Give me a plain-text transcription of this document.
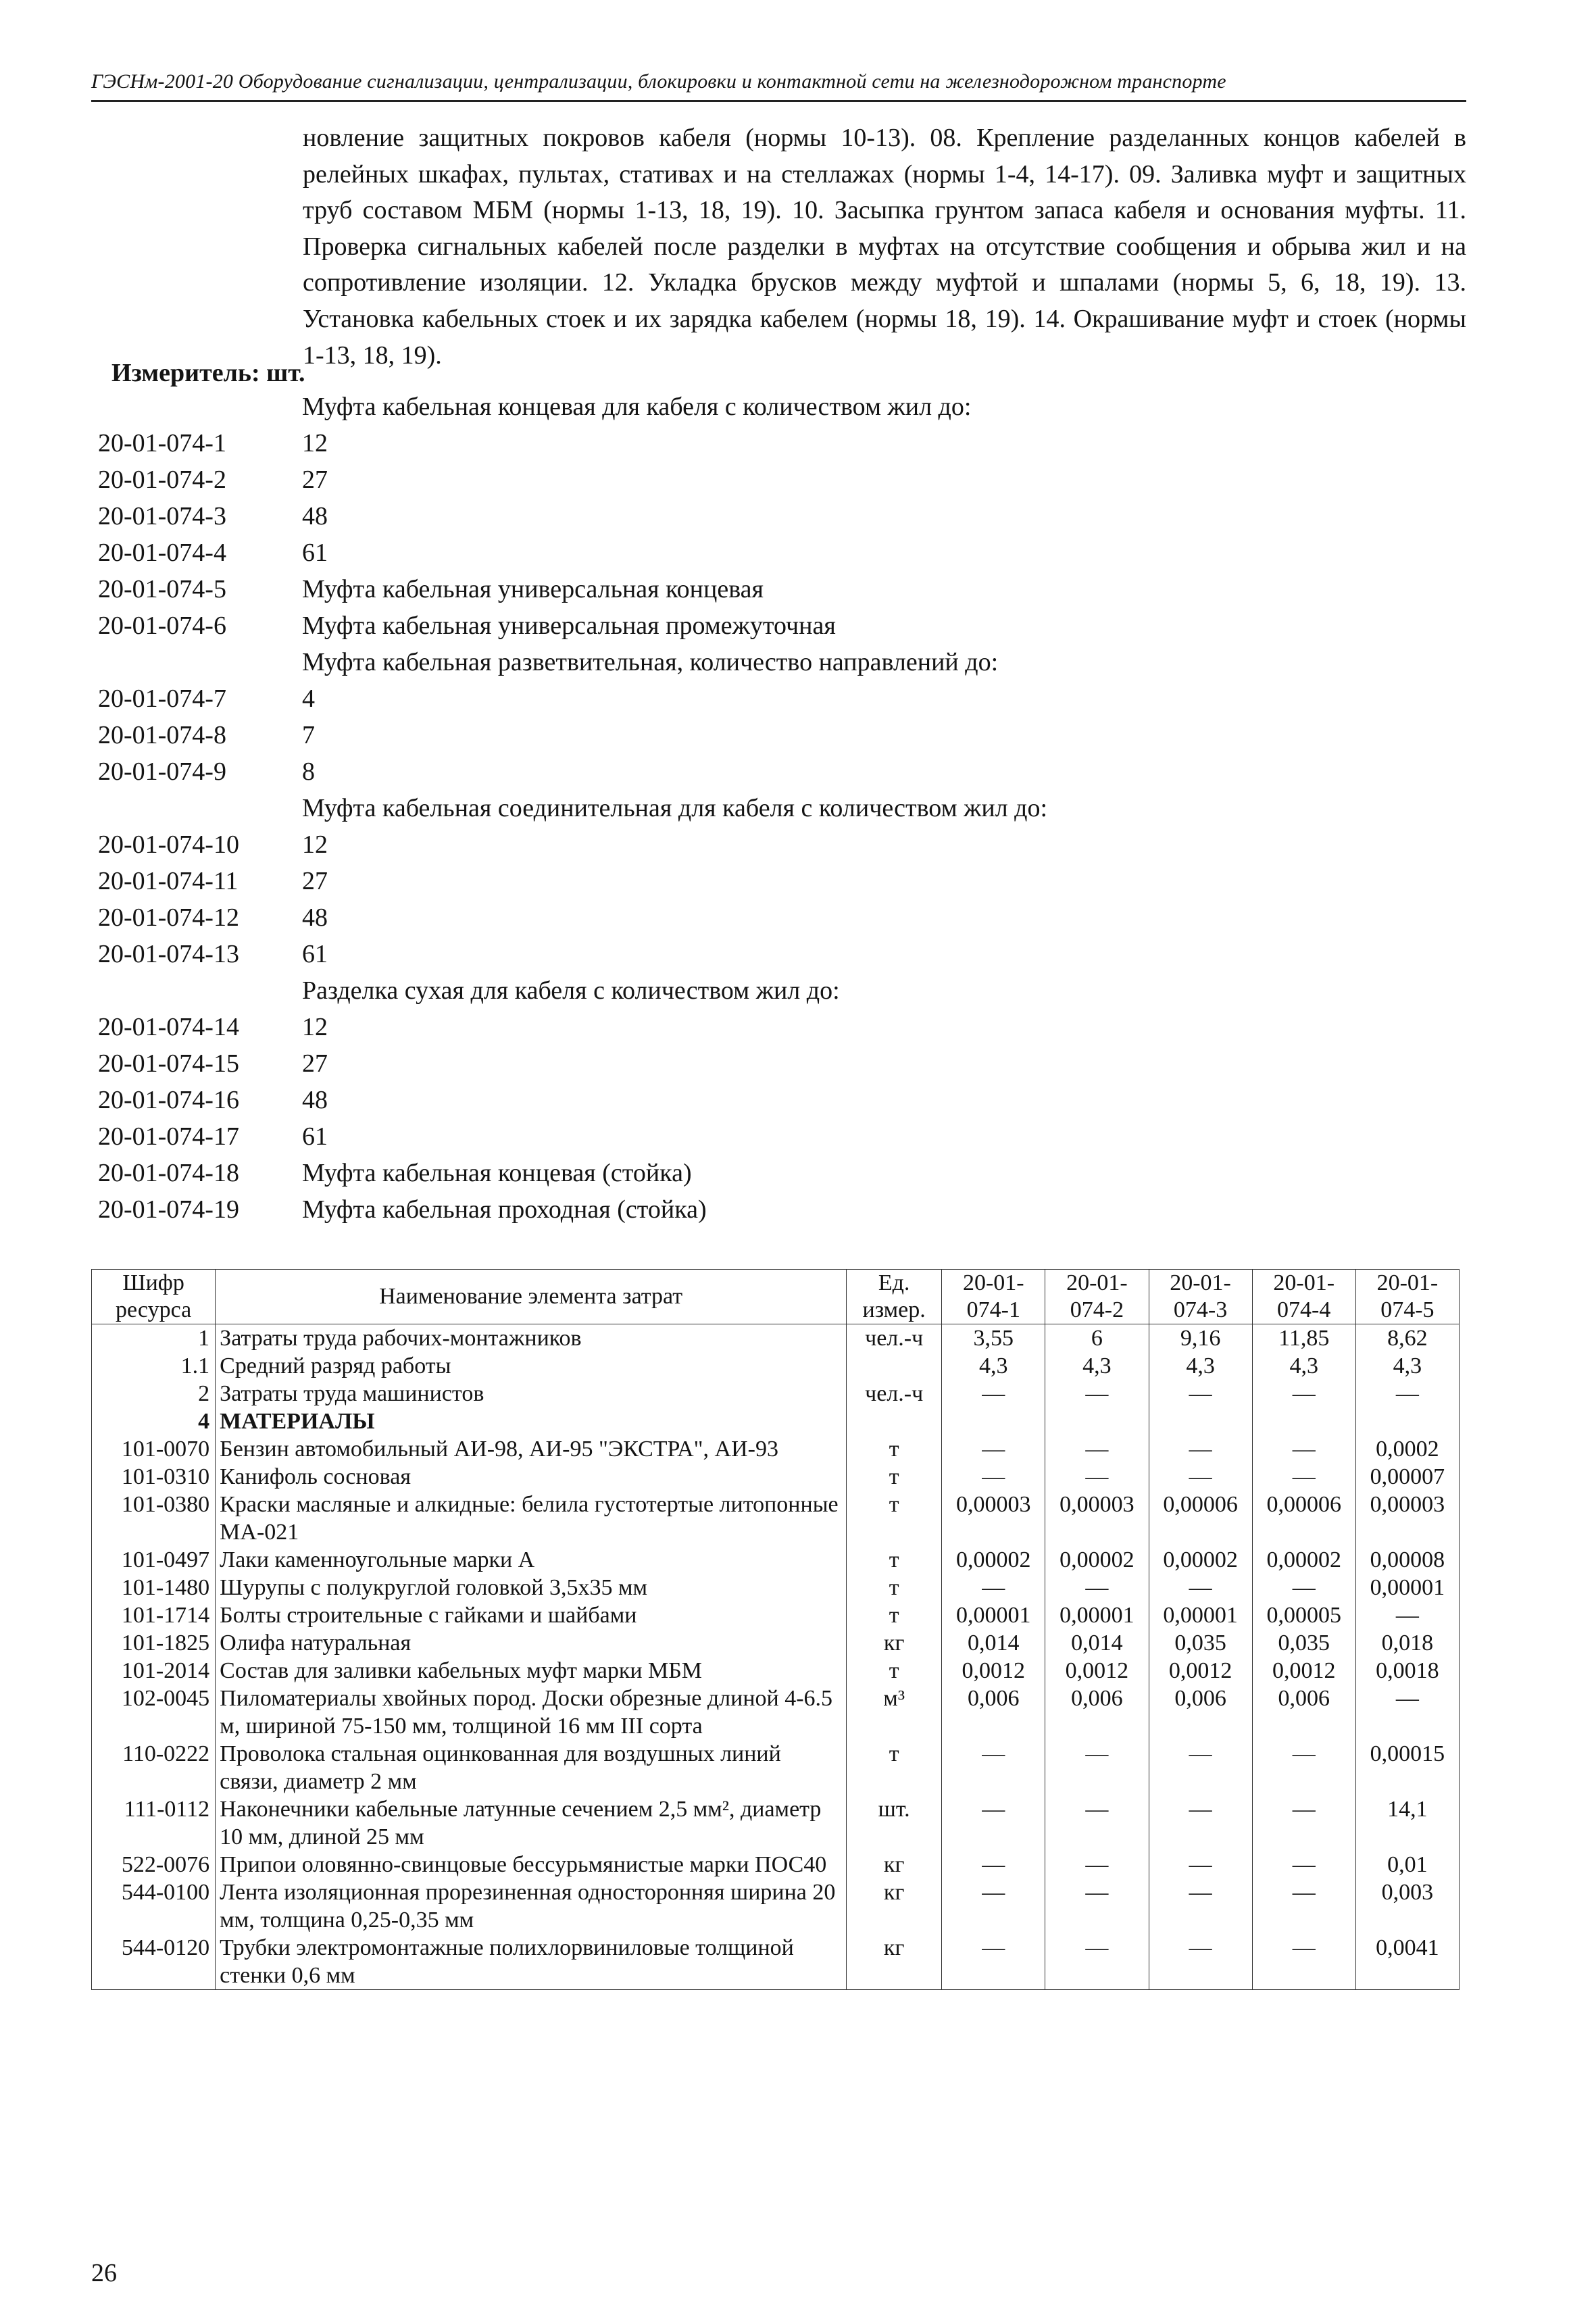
ГЭСНм-2001-20 Оборудование сигнализации, централизации, блокировки и контактной сети на железнодорожном транспорте

новление защитных покровов кабеля (нормы 10-13). 08. Крепление разделанных концов кабелей в релейных шкафах, пультах, стативах и на стеллажах (нормы 1-4, 14-17). 09. Заливка муфт и защитных труб составом МБМ (нормы 1-13, 18, 19). 10. Засыпка грунтом запаса кабеля и основания муфты. 11. Проверка сигнальных кабелей после разделки в муфтах на отсутствие сообщения и обрыва жил и на сопротивление изоляции. 12. Укладка брусков между муфтой и шпалами (нормы 5, 6, 18, 19). 13. Установка кабельных стоек и их зарядка кабелем (нормы 18, 19). 14. Окрашивание муфт и стоек (нормы 1-13, 18, 19).

Измеритель: шт.
Муфта кабельная концевая для кабеля с количеством жил до:
20-01-074-1	12
20-01-074-2	27
20-01-074-3	48
20-01-074-4	61
20-01-074-5	Муфта кабельная универсальная концевая
20-01-074-6	Муфта кабельная универсальная промежуточная
Муфта кабельная разветвительная, количество направлений до:
20-01-074-7	4
20-01-074-8	7
20-01-074-9	8
Муфта кабельная соединительная для кабеля с количеством жил до:
20-01-074-10 12
20-01-074-11 27
20-01-074-12 48
20-01-074-13 61
Разделка сухая для кабеля с количеством жил до:
20-01-074-14 12
20-01-074-15 27
20-01-074-16 48
20-01-074-17 61
20-01-074-18 Муфта кабельная концевая (стойка)
20-01-074-19 Муфта кабельная проходная (стойка)
Шифр ресурса	Наименование элемента затрат	Ед. измер.	20-01-074-1	20-01-074-2	20-01-074-3	20-01-074-4	20-01-074-5
1	Затраты труда рабочих-монтажников	чел.-ч	3,55	6	9,16	11,85	8,62
1.1	Средний разряд работы		4,3	4,3	4,3	4,3	4,3
2	Затраты труда машинистов	чел.-ч	—	—	—	—	—
4	МАТЕРИАЛЫ						
101-0070	Бензин автомобильный АИ-98, АИ-95 "ЭКСТРА", АИ-93	т	—	—	—	—	0,0002
101-0310	Канифоль сосновая	т	—	—	—	—	0,00007
101-0380	Краски масляные и алкидные: белила густотертые литопонные МА-021	т	0,00003	0,00003	0,00006	0,00006	0,00003
101-0497	Лаки каменноугольные марки А	т	0,00002	0,00002	0,00002	0,00002	0,00008
101-1480	Шурупы с полукруглой головкой 3,5х35 мм	т	—	—	—	—	0,00001
101-1714	Болты строительные с гайками и шайбами	т	0,00001	0,00001	0,00001	0,00005	—
101-1825	Олифа натуральная	кг	0,014	0,014	0,035	0,035	0,018
101-2014	Состав для заливки кабельных муфт марки МБМ	т	0,0012	0,0012	0,0012	0,0012	0,0018
102-0045	Пиломатериалы хвойных пород. Доски обрезные длиной 4-6.5 м, шириной 75-150 мм, толщиной 16 мм III сорта	м³	0,006	0,006	0,006	0,006	—
110-0222	Проволока стальная оцинкованная для воздушных линий связи, диаметр 2 мм	т	—	—	—	—	0,00015
111-0112	Наконечники кабельные латунные сечением 2,5 мм², диаметр 10 мм, длиной 25 мм	шт.	—	—	—	—	14,1
522-0076	Припои оловянно-свинцовые бессурьмянистые марки ПОС40	кг	—	—	—	—	0,01
544-0100	Лента изоляционная прорезиненная односторонняя ширина 20 мм, толщина 0,25-0,35 мм	кг	—	—	—	—	0,003
544-0120	Трубки электромонтажные полихлорвиниловые толщиной стенки 0,6 мм	кг	—	—	—	—	0,0041
26
